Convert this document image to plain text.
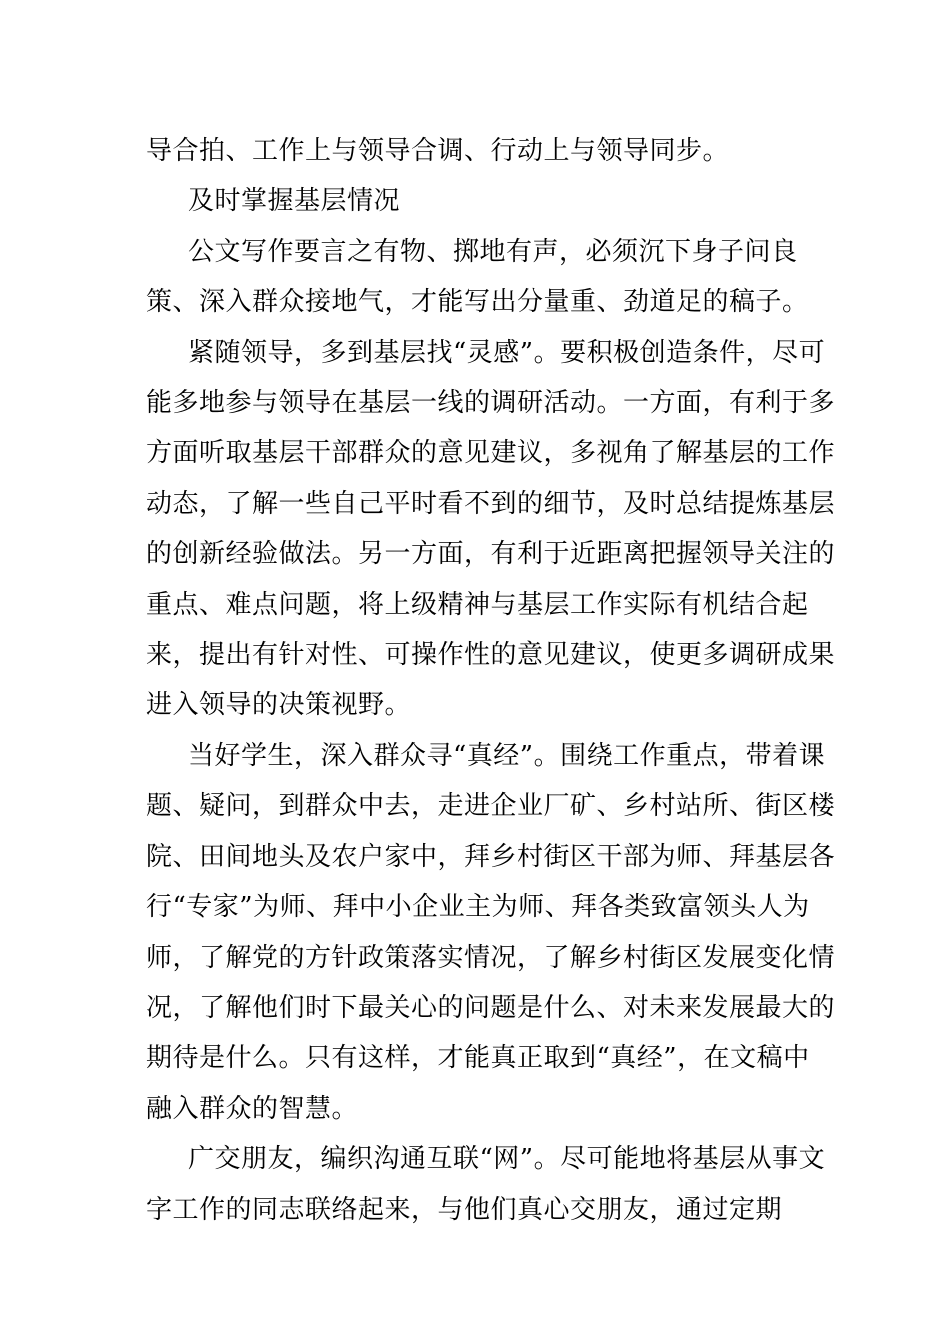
导合拍、工作上与领导合调、行动上与领导同步。

及时掌握基层情况

公文写作要言之有物、掷地有声，必须沉下身子问良策、深入群众接地气，才能写出分量重、劲道足的稿子。

紧随领导，多到基层找“灵感”。要积极创造条件，尽可能多地参与领导在基层一线的调研活动。一方面，有利于多方面听取基层干部群众的意见建议，多视角了解基层的工作动态，了解一些自己平时看不到的细节，及时总结提炼基层的创新经验做法。另一方面，有利于近距离把握领导关注的重点、难点问题，将上级精神与基层工作实际有机结合起来，提出有针对性、可操作性的意见建议，使更多调研成果进入领导的决策视野。

当好学生，深入群众寻“真经”。围绕工作重点，带着课题、疑问，到群众中去，走进企业厂矿、乡村站所、街区楼院、田间地头及农户家中，拜乡村街区干部为师、拜基层各行“专家”为师、拜中小企业主为师、拜各类致富领头人为师，了解党的方针政策落实情况，了解乡村街区发展变化情况，了解他们时下最关心的问题是什么、对未来发展最大的期待是什么。只有这样，才能真正取到“真经”，在文稿中融入群众的智慧。

广交朋友，编织沟通互联“网”。尽可能地将基层从事文字工作的同志联络起来，与他们真心交朋友，通过定期
